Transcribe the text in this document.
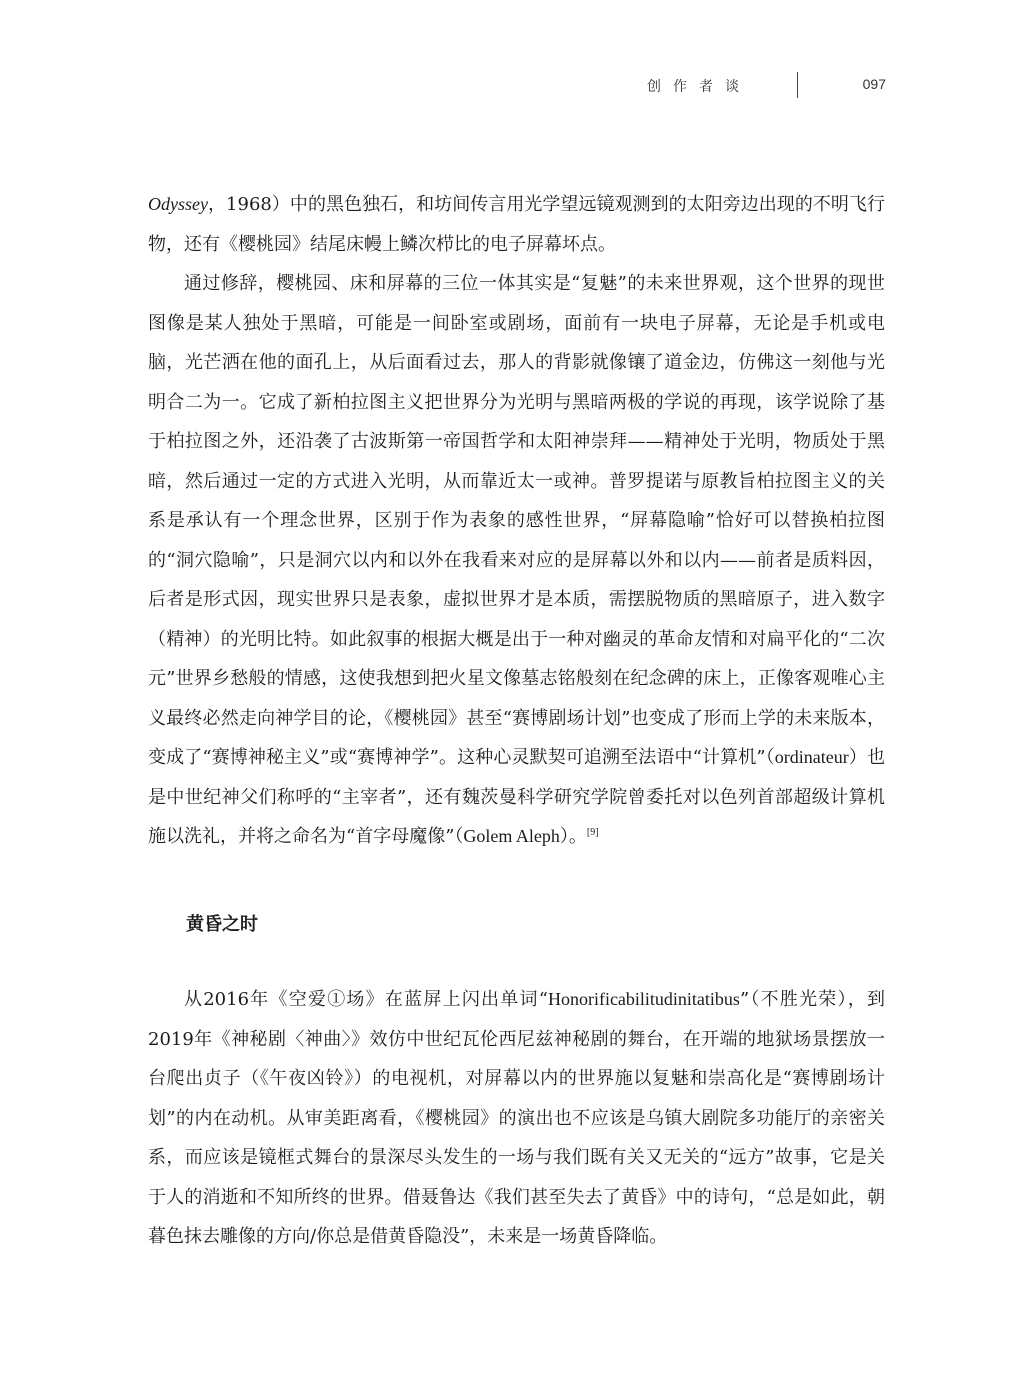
创作者谈	097

Odyssey，1968）中的黑色独石，和坊间传言用光学望远镜观测到的太阳旁边出现的不明飞行物，还有《樱桃园》结尾床幔上鳞次栉比的电子屏幕坏点。

通过修辞，樱桃园、床和屏幕的三位一体其实是“复魅”的未来世界观，这个世界的现世图像是某人独处于黑暗，可能是一间卧室或剧场，面前有一块电子屏幕，无论是手机或电脑，光芒洒在他的面孔上，从后面看过去，那人的背影就像镶了道金边，仿佛这一刻他与光明合二为一。它成了新柏拉图主义把世界分为光明与黑暗两极的学说的再现，该学说除了基于柏拉图之外，还沿袭了古波斯第一帝国哲学和太阳神崇拜——精神处于光明，物质处于黑暗，然后通过一定的方式进入光明，从而靠近太一或神。普罗提诺与原教旨柏拉图主义的关系是承认有一个理念世界，区别于作为表象的感性世界，“屏幕隐喻”恰好可以替换柏拉图的“洞穴隐喻”，只是洞穴以内和以外在我看来对应的是屏幕以外和以内——前者是质料因，后者是形式因，现实世界只是表象，虚拟世界才是本质，需摆脱物质的黑暗原子，进入数字（精神）的光明比特。如此叙事的根据大概是出于一种对幽灵的革命友情和对扁平化的“二次元”世界乡愁般的情感，这使我想到把火星文像墓志铭般刻在纪念碑的床上，正像客观唯心主义最终必然走向神学目的论，《樱桃园》甚至“赛博剧场计划”也变成了形而上学的未来版本，变成了“赛博神秘主义”或“赛博神学”。这种心灵默契可追溯至法语中“计算机”（ordinateur）也是中世纪神父们称呼的“主宰者”，还有魏茨曼科学研究学院曾委托对以色列首部超级计算机施以洗礼，并将之命名为“首字母魔像”（Golem Aleph）。[9]

黄昏之时

从2016年《空爱①场》在蓝屏上闪出单词“Honorificabilitudinitatibus”（不胜光荣），到2019年《神秘剧〈神曲〉》效仿中世纪瓦伦西尼兹神秘剧的舞台，在开端的地狱场景摆放一台爬出贞子（《午夜凶铃》）的电视机，对屏幕以内的世界施以复魅和崇高化是“赛博剧场计划”的内在动机。从审美距离看，《樱桃园》的演出也不应该是乌镇大剧院多功能厅的亲密关系，而应该是镜框式舞台的景深尽头发生的一场与我们既有关又无关的“远方”故事，它是关于人的消逝和不知所终的世界。借聂鲁达《我们甚至失去了黄昏》中的诗句，“总是如此，朝暮色抹去雕像的方向/你总是借黄昏隐没”，未来是一场黄昏降临。
